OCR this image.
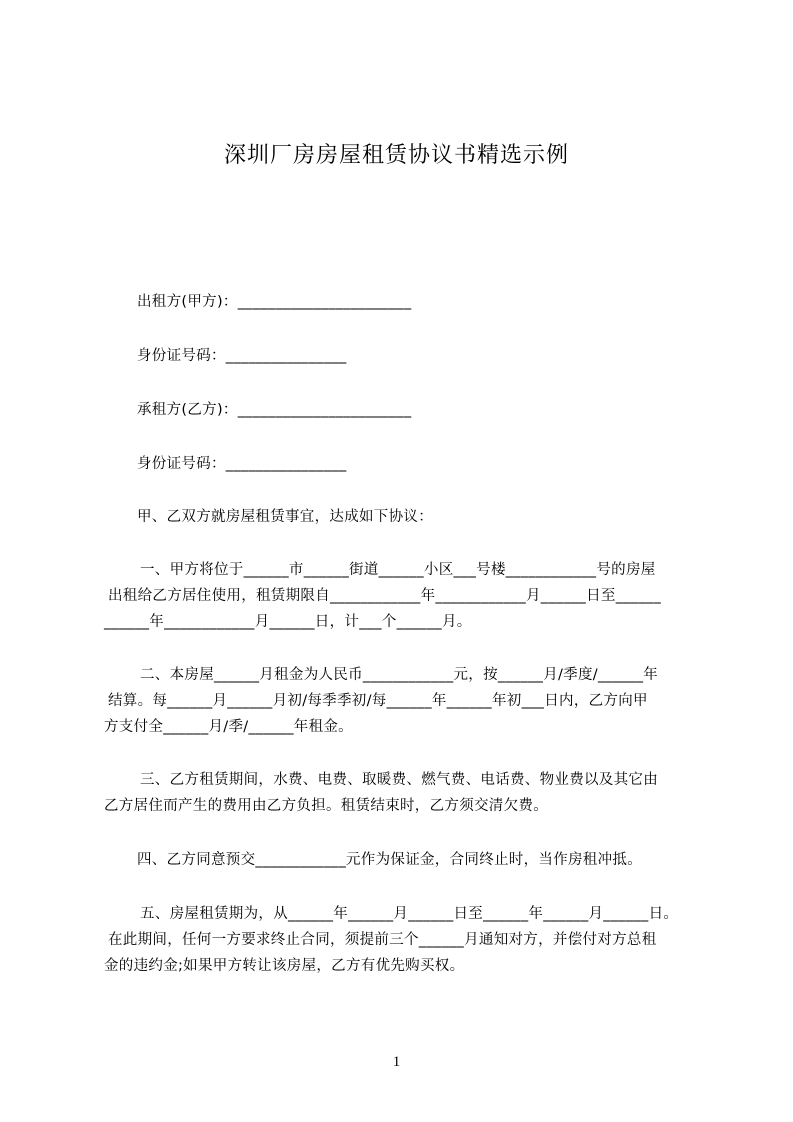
深圳厂房房屋租赁协议书精选示例
出租方(甲方)：_______________________
身份证号码：________________
承租方(乙方)：_______________________
身份证号码：________________
甲、乙双方就房屋租赁事宜，达成如下协议：
一、甲方将位于______市______街道______小区___号楼____________号的房屋
出租给乙方居住使用，租赁期限自____________年____________月______日至______
______年____________月______日，计___个______月。
二、本房屋______月租金为人民币____________元，按______月/季度/______年
结算。每______月______月初/每季季初/每______年______年初___日内，乙方向甲
方支付全______月/季/______年租金。
三、乙方租赁期间，水费、电费、取暖费、燃气费、电话费、物业费以及其它由
乙方居住而产生的费用由乙方负担。租赁结束时，乙方须交清欠费。
四、乙方同意预交____________元作为保证金，合同终止时，当作房租冲抵。
五、房屋租赁期为，从______年______月______日至______年______月______日。
在此期间，任何一方要求终止合同，须提前三个______月通知对方，并偿付对方总租
金的违约金;如果甲方转让该房屋，乙方有优先购买权。
1
